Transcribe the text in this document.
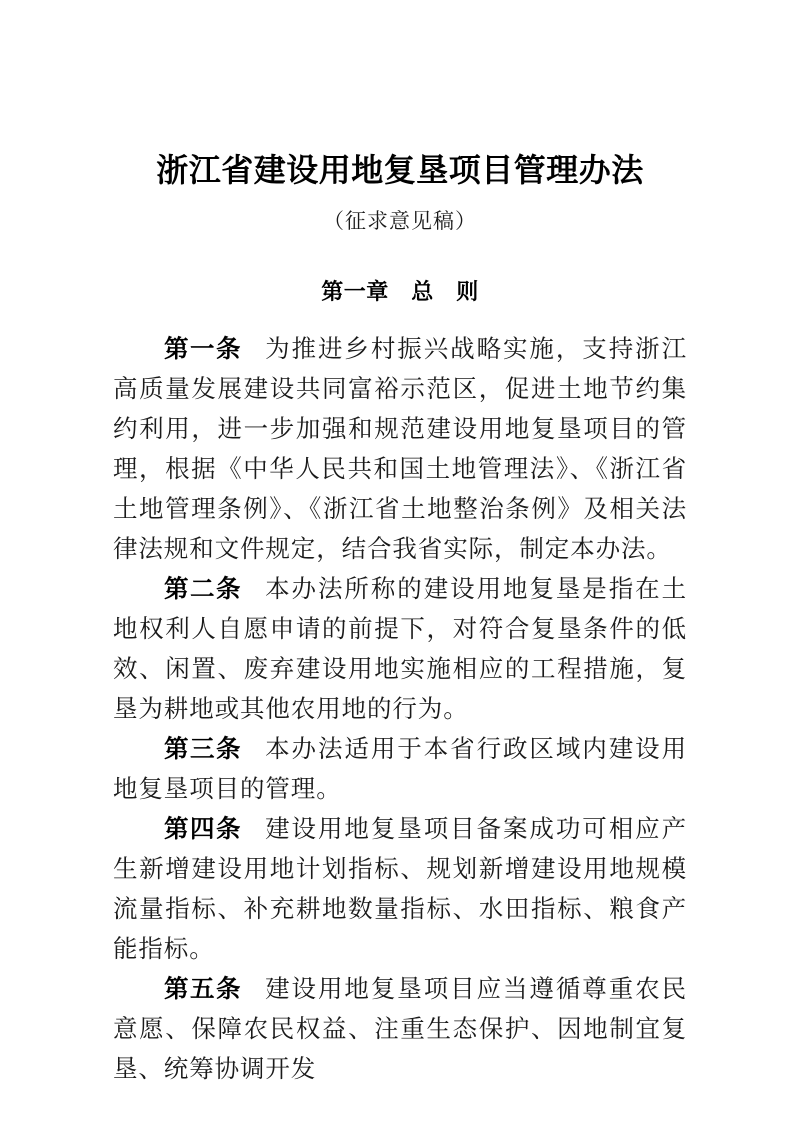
浙江省建设用地复垦项目管理办法
（征求意见稿）
第一章　总　则

第一条 为推进乡村振兴战略实施，支持浙江高质量发展建设共同富裕示范区，促进土地节约集约利用，进一步加强和规范建设用地复垦项目的管理，根据《中华人民共和国土地管理法》、《浙江省土地管理条例》、《浙江省土地整治条例》及相关法律法规和文件规定，结合我省实际，制定本办法。

第二条 本办法所称的建设用地复垦是指在土地权利人自愿申请的前提下，对符合复垦条件的低效、闲置、废弃建设用地实施相应的工程措施，复垦为耕地或其他农用地的行为。

第三条 本办法适用于本省行政区域内建设用地复垦项目的管理。

第四条 建设用地复垦项目备案成功可相应产生新增建设用地计划指标、规划新增建设用地规模流量指标、补充耕地数量指标、水田指标、粮食产能指标。

第五条 建设用地复垦项目应当遵循尊重农民意愿、保障农民权益、注重生态保护、因地制宜复垦、统筹协调开发
